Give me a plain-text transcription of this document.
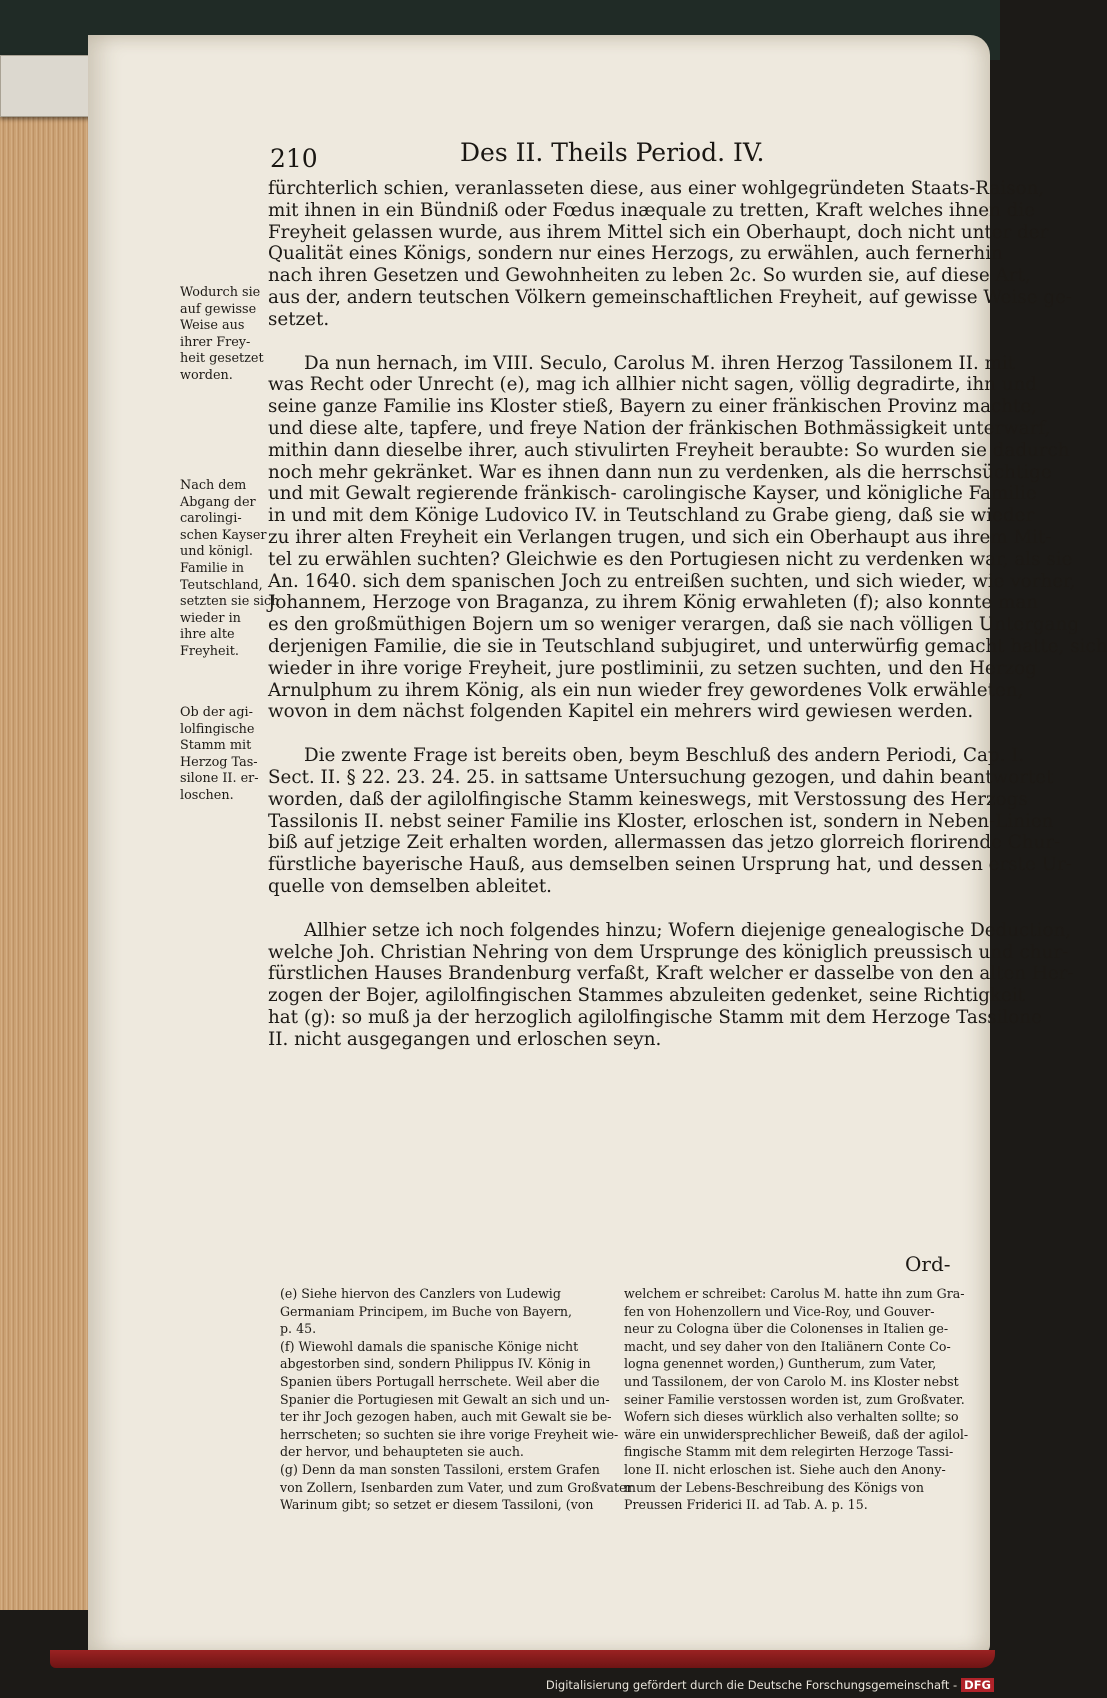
210	Des II. Theils Period. IV.

fürchterlich schien, veranlasseten diese, aus einer wohlgegründeten Staats-Raison,
mit ihnen in ein Bündniß oder Fœdus inæquale zu tretten, Kraft welches ihnen die
Freyheit gelassen wurde, aus ihrem Mittel sich ein Oberhaupt, doch nicht unter der
Qualität eines Königs, sondern nur eines Herzogs, zu erwählen, auch fernerhin
nach ihren Gesetzen und Gewohnheiten zu leben 2c. So wurden sie, auf diese Art,
aus der, andern teutschen Völkern gemeinschaftlichen Freyheit, auf gewisse Weise ge-
setzet.

Da nun hernach, im VIII. Seculo, Carolus M. ihren Herzog Tassilonem II. mit
was Recht oder Unrecht (e), mag ich allhier nicht sagen, völlig degradirte, ihn und
seine ganze Familie ins Kloster stieß, Bayern zu einer fränkischen Provinz machte,
und diese alte, tapfere, und freye Nation der fränkischen Bothmässigkeit unterwarf,
mithin dann dieselbe ihrer, auch stivulirten Freyheit beraubte: So wurden sie dadurch
noch mehr gekränket. War es ihnen dann nun zu verdenken, als die herrschsüchtige
und mit Gewalt regierende fränkisch- carolingische Kayser, und königliche Familie
in und mit dem Könige Ludovico IV. in Teutschland zu Grabe gieng, daß sie wieder
zu ihrer alten Freyheit ein Verlangen trugen, und sich ein Oberhaupt aus ihrem Mit-
tel zu erwählen suchten? Gleichwie es den Portugiesen nicht zu verdenken war, als sie
An. 1640. sich dem spanischen Joch zu entreißen suchten, und sich wieder, wie vorher,
Johannem, Herzoge von Braganza, zu ihrem König erwahleten (f); also konnte man
es den großmüthigen Bojern um so weniger verargen, daß sie nach völligen Untergang
derjenigen Familie, die sie in Teutschland subjugiret, und unterwürfig gemacht hatte, sich
wieder in ihre vorige Freyheit, jure postliminii, zu setzen suchten, und den Herzog
Arnulphum zu ihrem König, als ein nun wieder frey gewordenes Volk erwähleten,
wovon in dem nächst folgenden Kapitel ein mehrers wird gewiesen werden.

Die zwente Frage ist bereits oben, beym Beschluß des andern Periodi, Cap. I.
Sect. II. § 22. 23. 24. 25. in sattsame Untersuchung gezogen, und dahin beantwortet
worden, daß der agilolfingische Stamm keineswegs, mit Verstossung des Herzogs
Tassilonis II. nebst seiner Familie ins Kloster, erloschen ist, sondern in Neben-Linien
biß auf jetzige Zeit erhalten worden, allermassen das jetzo glorreich florirende Chur-
fürstliche bayerische Hauß, aus demselben seinen Ursprung hat, und dessen erste Ur-
quelle von demselben ableitet.

Allhier setze ich noch folgendes hinzu; Wofern diejenige genealogische Deduction,
welche Joh. Christian Nehring von dem Ursprunge des königlich preussisch und chur-
fürstlichen Hauses Brandenburg verfaßt, Kraft welcher er dasselbe von den alten Her-
zogen der Bojer, agilolfingischen Stammes abzuleiten gedenket, seine Richtigkeit
hat (g): so muß ja der herzoglich agilolfingische Stamm mit dem Herzoge Tassilone
II. nicht ausgegangen und erloschen seyn.

Wodurch sie
auf gewisse
Weise aus
ihrer Frey-
heit gesetzet
worden.
Nach dem
Abgang der
carolingi-
schen Kayser
und königl.
Familie in
Teutschland,
setzten sie sich
wieder in
ihre alte
Freyheit.
Ob der agi-
lolfingische
Stamm mit
Herzog Tas-
silone II. er-
loschen.
Ord-
(e) Siehe hiervon des Canzlers von Ludewig
Germaniam Principem, im Buche von Bayern,
p. 45.
(f) Wiewohl damals die spanische Könige nicht
abgestorben sind, sondern Philippus IV. König in
Spanien übers Portugall herrschete. Weil aber die
Spanier die Portugiesen mit Gewalt an sich und un-
ter ihr Joch gezogen haben, auch mit Gewalt sie be-
herrscheten; so suchten sie ihre vorige Freyheit wie-
der hervor, und behaupteten sie auch.
(g) Denn da man sonsten Tassiloni, erstem Grafen
von Zollern, Isenbarden zum Vater, und zum Großvater
Warinum gibt; so setzet er diesem Tassiloni, (von
welchem er schreibet: Carolus M. hatte ihn zum Gra-
fen von Hohenzollern und Vice-Roy, und Gouver-
neur zu Cologna über die Colonenses in Italien ge-
macht, und sey daher von den Italiänern Conte Co-
logna genennet worden,) Guntherum, zum Vater,
und Tassilonem, der von Carolo M. ins Kloster nebst
seiner Familie verstossen worden ist, zum Großvater.
Wofern sich dieses würklich also verhalten sollte; so
wäre ein unwidersprechlicher Beweiß, daß der agilol-
fingische Stamm mit dem relegirten Herzoge Tassi-
lone II. nicht erloschen ist. Siehe auch den Anony-
mum der Lebens-Beschreibung des Königs von
Preussen Friderici II. ad Tab. A. p. 15.
Digitalisierung gefördert durch die Deutsche Forschungsgemeinschaft - DFG
